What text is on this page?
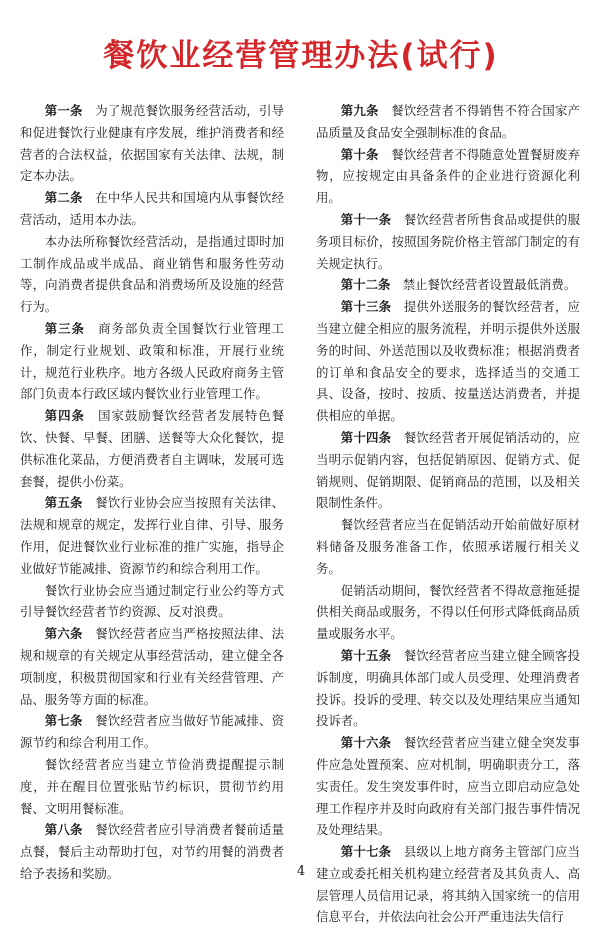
餐饮业经营管理办法(试行)

第一条　 为了规范餐饮服务经营活动，引导和促进餐饮行业健康有序发展，维护消费者和经营者的合法权益，依据国家有关法律、法规，制定本办法。

第二条　 在中华人民共和国境内从事餐饮经营活动，适用本办法。

本办法所称餐饮经营活动，是指通过即时加工制作成品或半成品、商业销售和服务性劳动等，向消费者提供食品和消费场所及设施的经营行为。

第三条　 商务部负责全国餐饮行业管理工作，制定行业规划、政策和标准，开展行业统计，规范行业秩序。地方各级人民政府商务主管部门负责本行政区域内餐饮业行业管理工作。

第四条　 国家鼓励餐饮经营者发展特色餐饮、快餐、早餐、团膳、送餐等大众化餐饮，提供标准化菜品，方便消费者自主调味，发展可选套餐，提供小份菜。

第五条　 餐饮行业协会应当按照有关法律、法规和规章的规定，发挥行业自律、引导、服务作用，促进餐饮业行业标准的推广实施，指导企业做好节能减排、资源节约和综合利用工作。

餐饮行业协会应当通过制定行业公约等方式引导餐饮经营者节约资源、反对浪费。

第六条　 餐饮经营者应当严格按照法律、法规和规章的有关规定从事经营活动，建立健全各项制度，积极贯彻国家和行业有关经营管理、产品、服务等方面的标准。

第七条　 餐饮经营者应当做好节能减排、资源节约和综合利用工作。

餐饮经营者应当建立节俭消费提醒提示制度，并在醒目位置张贴节约标识，贯彻节约用餐、文明用餐标准。

第八条　 餐饮经营者应引导消费者餐前适量点餐，餐后主动帮助打包，对节约用餐的消费者给予表扬和奖励。

第九条　 餐饮经营者不得销售不符合国家产品质量及食品安全强制标准的食品。

第十条　 餐饮经营者不得随意处置餐厨废弃物，应按规定由具备条件的企业进行资源化利用。

第十一条　 餐饮经营者所售食品或提供的服务项目标价，按照国务院价格主管部门制定的有关规定执行。

第十二条　 禁止餐饮经营者设置最低消费。

第十三条　 提供外送服务的餐饮经营者，应当建立健全相应的服务流程，并明示提供外送服务的时间、外送范围以及收费标准；根据消费者的订单和食品安全的要求，选择适当的交通工具、设备，按时、按质、按量送达消费者，并提供相应的单据。

第十四条　 餐饮经营者开展促销活动的，应当明示促销内容，包括促销原因、促销方式、促销规则、促销期限、促销商品的范围，以及相关限制性条件。

餐饮经营者应当在促销活动开始前做好原材料储备及服务准备工作，依照承诺履行相关义务。

促销活动期间，餐饮经营者不得故意拖延提供相关商品或服务，不得以任何形式降低商品质量或服务水平。

第十五条　 餐饮经营者应当建立健全顾客投诉制度，明确具体部门或人员受理、处理消费者投诉。投诉的受理、转交以及处理结果应当通知投诉者。

第十六条　 餐饮经营者应当建立健全突发事件应急处置预案、应对机制，明确职责分工，落实责任。发生突发事件时，应当立即启动应急处理工作程序并及时向政府有关部门报告事件情况及处理结果。

第十七条　 县级以上地方商务主管部门应当建立或委托相关机构建立经营者及其负责人、高层管理人员信用记录，将其纳入国家统一的信用信息平台，并依法向社会公开严重违法失信行

4
